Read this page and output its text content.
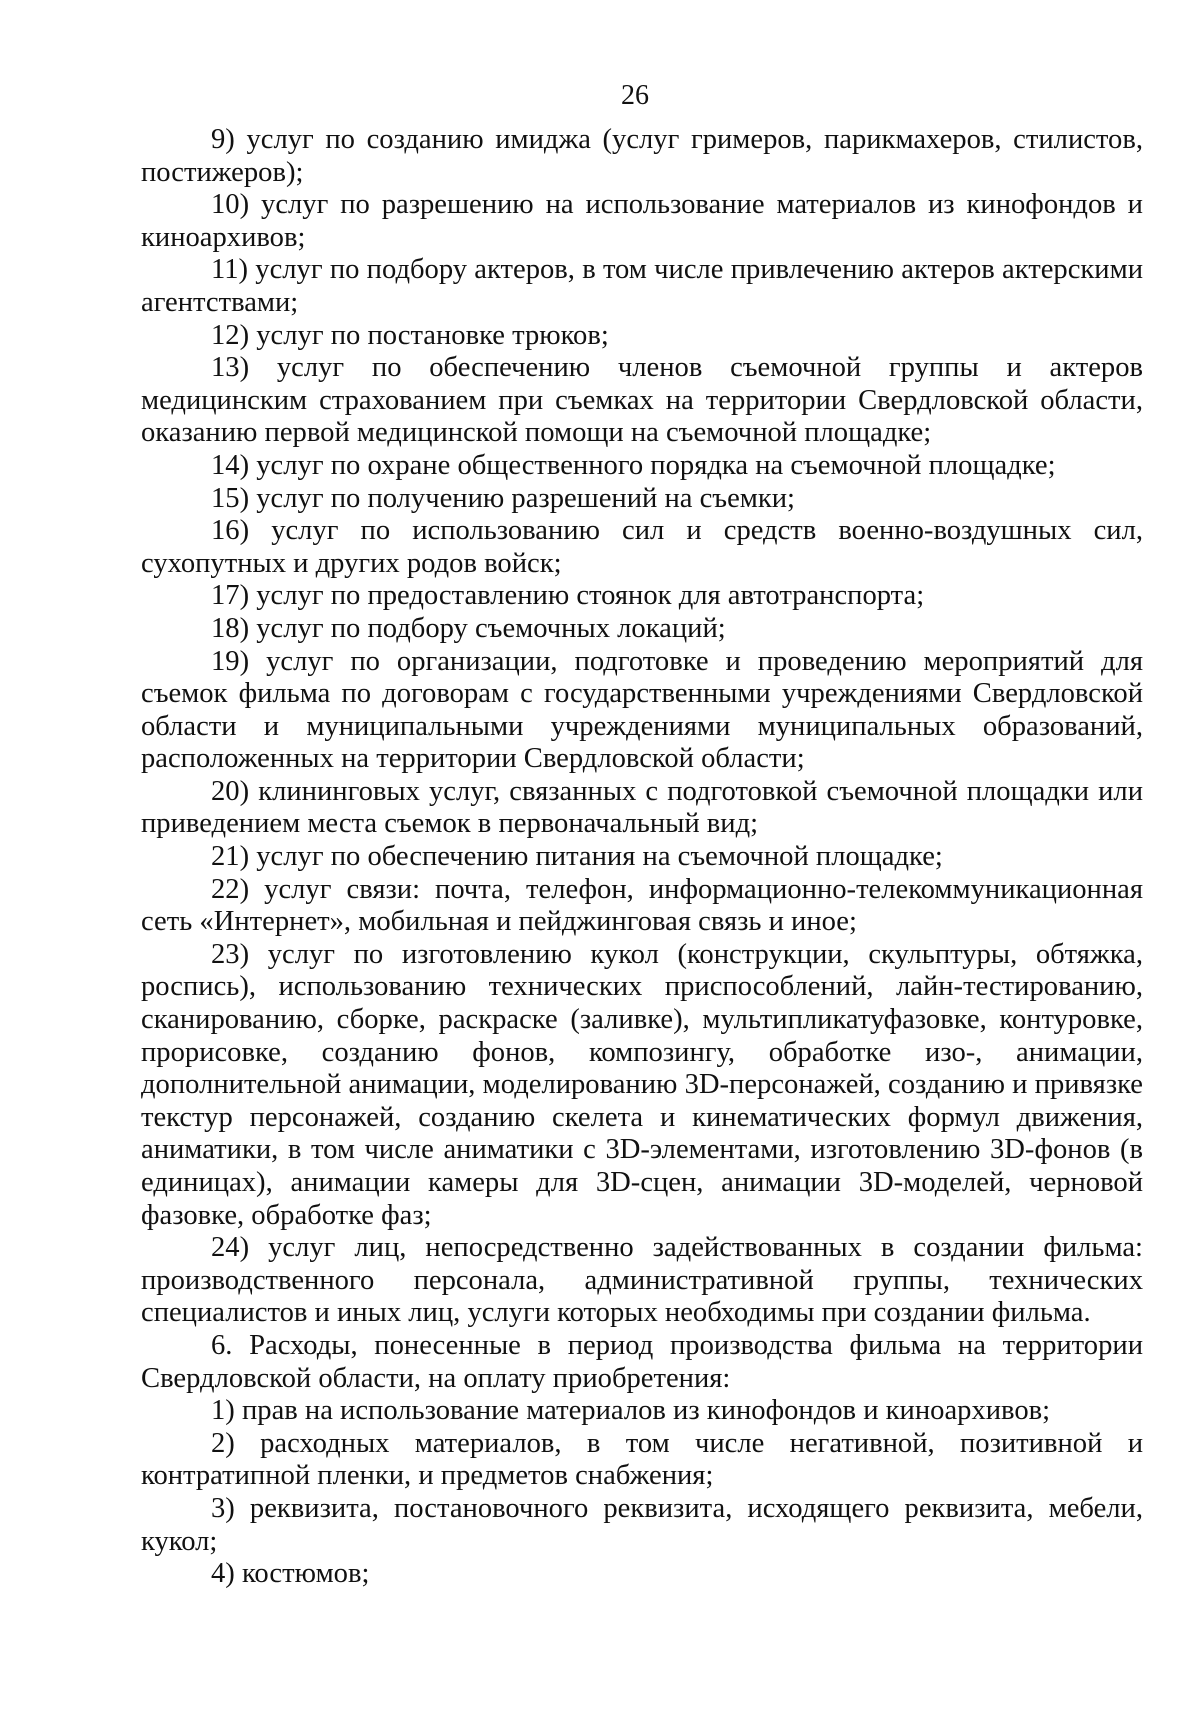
26

9) услуг по созданию имиджа (услуг гримеров, парикмахеров, стилистов, постижеров);

10) услуг по разрешению на использование материалов из кинофондов и киноархивов;

11) услуг по подбору актеров, в том числе привлечению актеров актерскими агентствами;

12) услуг по постановке трюков;

13) услуг по обеспечению членов съемочной группы и актеров медицинским страхованием при съемках на территории Свердловской области, оказанию первой медицинской помощи на съемочной площадке;

14) услуг по охране общественного порядка на съемочной площадке;

15) услуг по получению разрешений на съемки;

16) услуг по использованию сил и средств военно-воздушных сил, сухопутных и других родов войск;

17) услуг по предоставлению стоянок для автотранспорта;

18) услуг по подбору съемочных локаций;

19) услуг по организации, подготовке и проведению мероприятий для съемок фильма по договорам с государственными учреждениями Свердловской области и муниципальными учреждениями муниципальных образований, расположенных на территории Свердловской области;

20) клининговых услуг, связанных с подготовкой съемочной площадки или приведением места съемок в первоначальный вид;

21) услуг по обеспечению питания на съемочной площадке;

22) услуг связи: почта, телефон, информационно-телекоммуникационная сеть «Интернет», мобильная и пейджинговая связь и иное;

23) услуг по изготовлению кукол (конструкции, скульптуры, обтяжка, роспись), использованию технических приспособлений, лайн-тестированию, сканированию, сборке, раскраске (заливке), мультипликатуфазовке, контуровке, прорисовке, созданию фонов, композингу, обработке изо-, анимации, дополнительной анимации, моделированию 3D-персонажей, созданию и привязке текстур персонажей, созданию скелета и кинематических формул движения, аниматики, в том числе аниматики с 3D-элементами, изготовлению 3D-фонов (в единицах), анимации камеры для 3D-сцен, анимации 3D-моделей, черновой фазовке, обработке фаз;

24) услуг лиц, непосредственно задействованных в создании фильма: производственного персонала, административной группы, технических специалистов и иных лиц, услуги которых необходимы при создании фильма.

6. Расходы, понесенные в период производства фильма на территории Свердловской области, на оплату приобретения:

1) прав на использование материалов из кинофондов и киноархивов;

2) расходных материалов, в том числе негативной, позитивной и контратипной пленки, и предметов снабжения;

3) реквизита, постановочного реквизита, исходящего реквизита, мебели, кукол;

4) костюмов;
